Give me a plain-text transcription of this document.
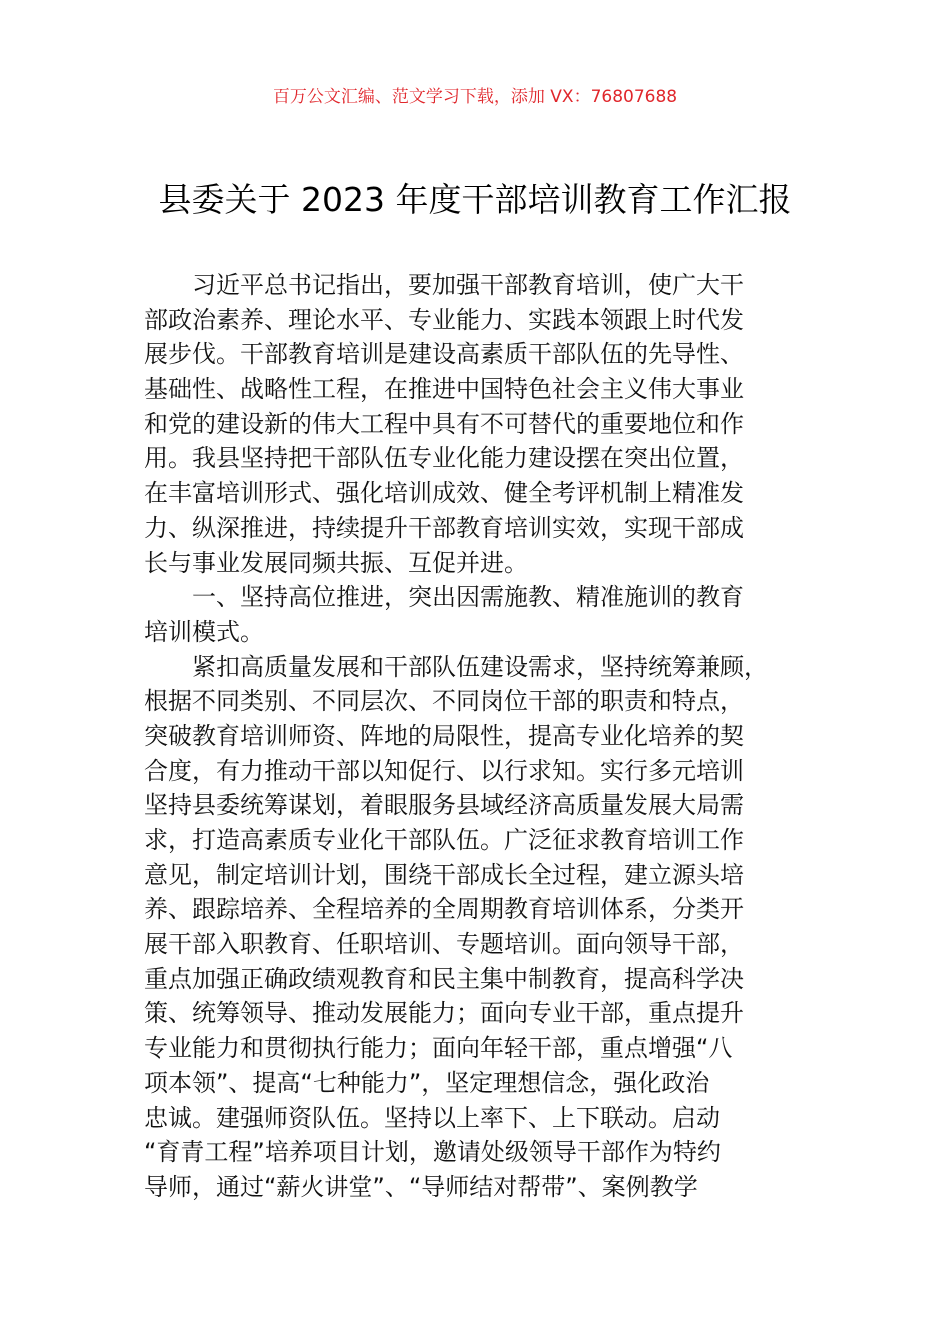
百万公文汇编、范文学习下载，添加 VX：76807688
县委关于 2023 年度干部培训教育工作汇报
习近平总书记指出，要加强干部教育培训，使广大干
部政治素养、理论水平、专业能力、实践本领跟上时代发
展步伐。干部教育培训是建设高素质干部队伍的先导性、
基础性、战略性工程，在推进中国特色社会主义伟大事业
和党的建设新的伟大工程中具有不可替代的重要地位和作
用。我县坚持把干部队伍专业化能力建设摆在突出位置，
在丰富培训形式、强化培训成效、健全考评机制上精准发
力、纵深推进，持续提升干部教育培训实效，实现干部成
长与事业发展同频共振、互促并进。
一、坚持高位推进，突出因需施教、精准施训的教育
培训模式。
紧扣高质量发展和干部队伍建设需求，坚持统筹兼顾，
根据不同类别、不同层次、不同岗位干部的职责和特点，
突破教育培训师资、阵地的局限性，提高专业化培养的契
合度，有力推动干部以知促行、以行求知。实行多元培训
坚持县委统筹谋划，着眼服务县域经济高质量发展大局需
求，打造高素质专业化干部队伍。广泛征求教育培训工作
意见，制定培训计划，围绕干部成长全过程，建立源头培
养、跟踪培养、全程培养的全周期教育培训体系，分类开
展干部入职教育、任职培训、专题培训。面向领导干部，
重点加强正确政绩观教育和民主集中制教育，提高科学决
策、统筹领导、推动发展能力；面向专业干部，重点提升
专业能力和贯彻执行能力；面向年轻干部，重点增强“八
项本领”、提高“七种能力”，坚定理想信念，强化政治
忠诚。建强师资队伍。坚持以上率下、上下联动。启动
“育青工程”培养项目计划，邀请处级领导干部作为特约
导师，通过“薪火讲堂”、“导师结对帮带”、案例教学
